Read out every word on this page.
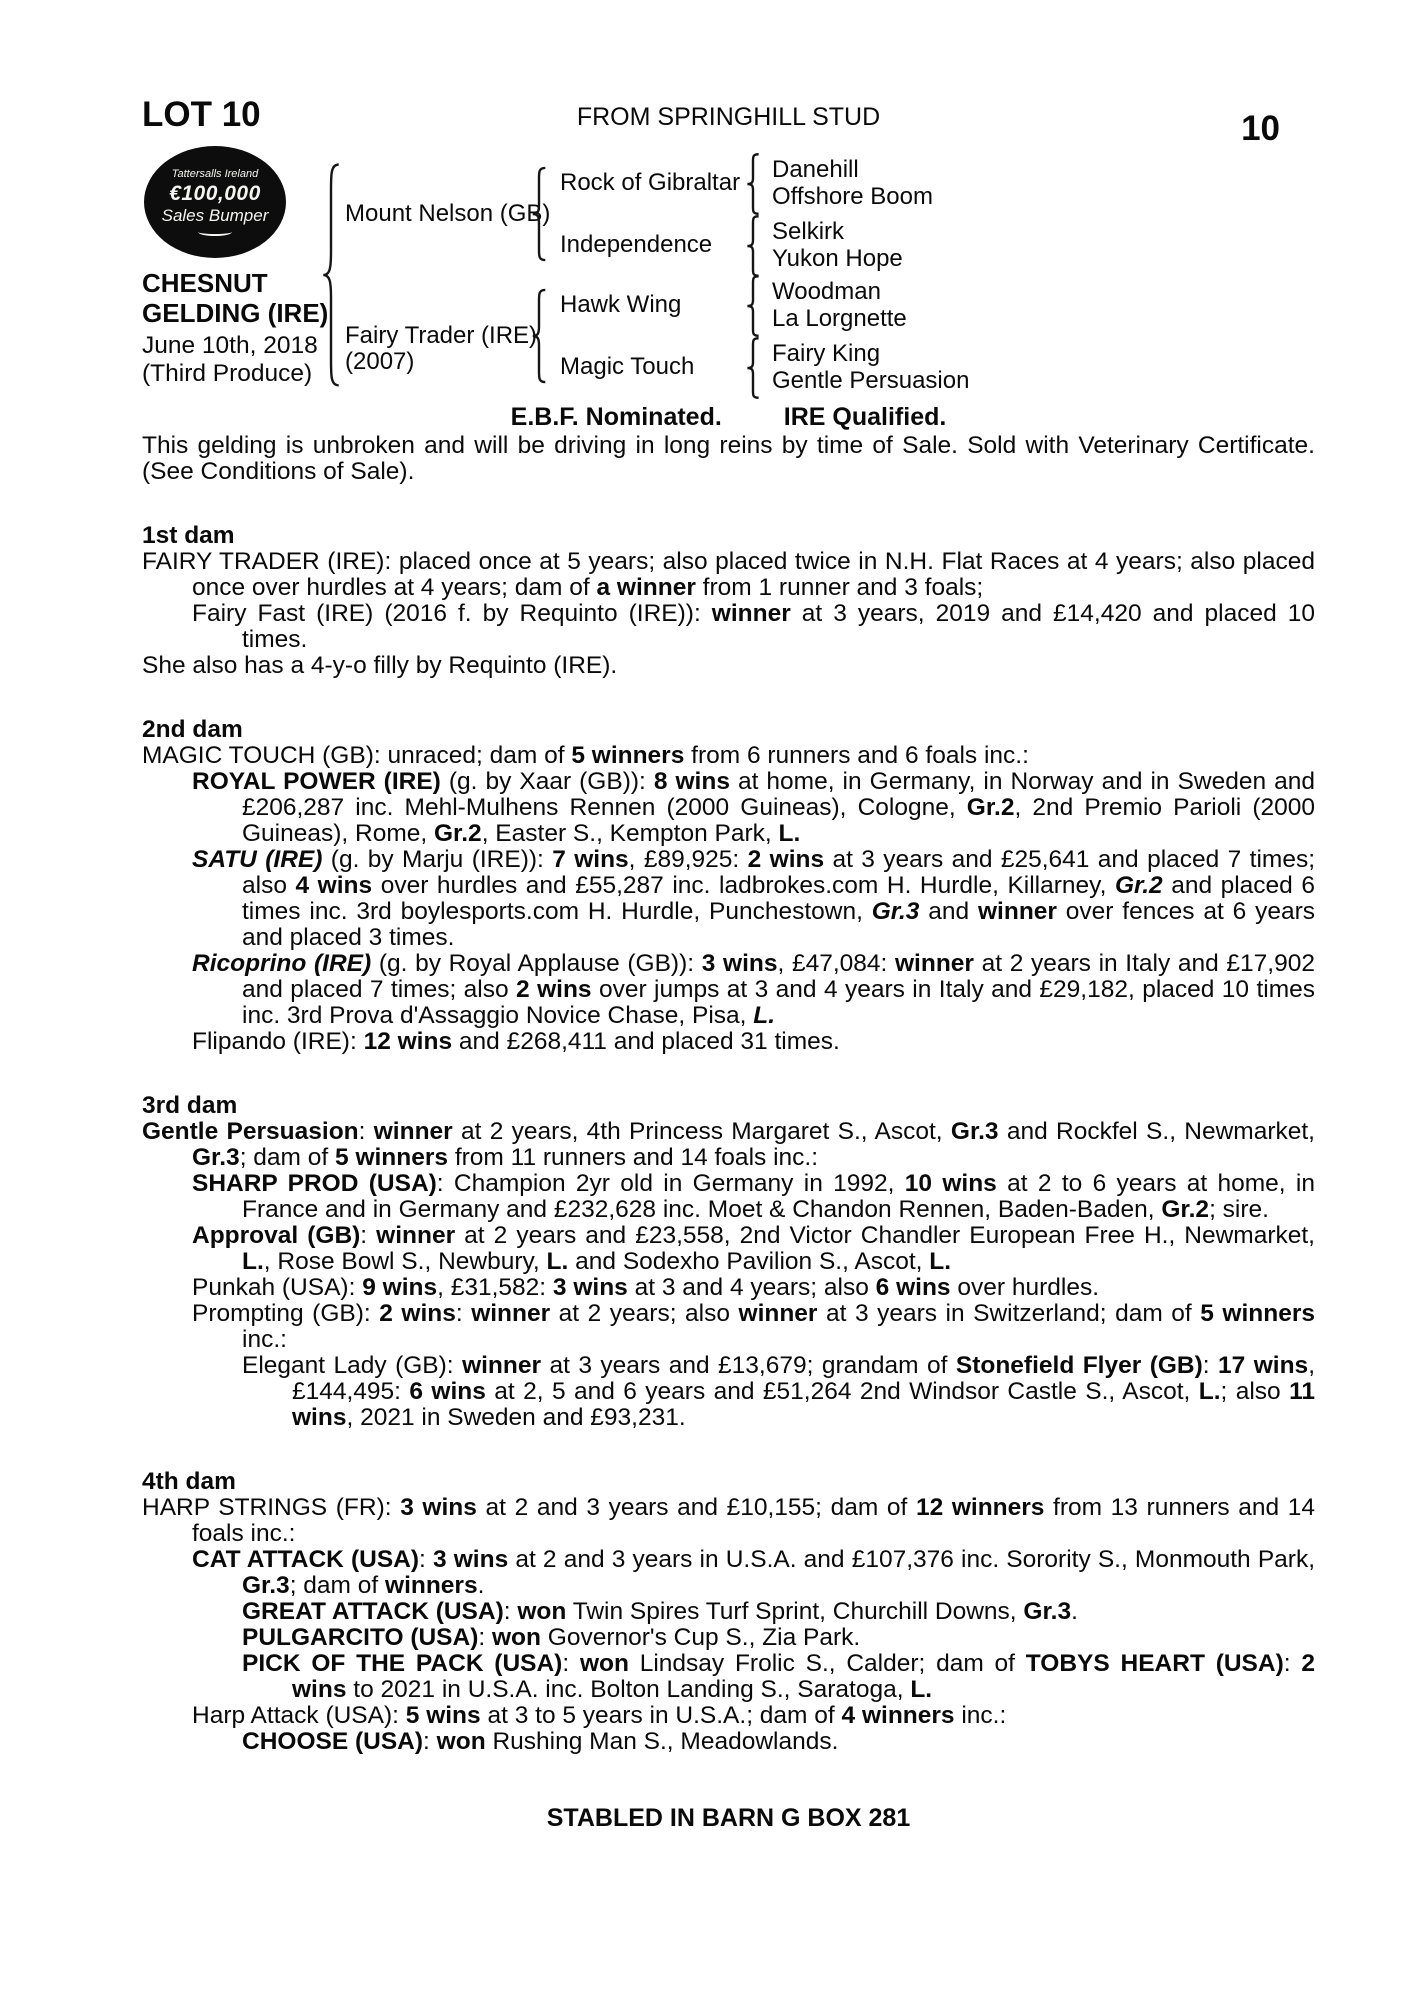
LOT 10	FROM SPRINGHILL STUD	10
Tattersalls Ireland
€100,000
Sales Bumper
CHESNUT
GELDING (IRE)
June 10th, 2018
(Third Produce)
Mount Nelson (GB)
Fairy Trader (IRE)
(2007)
Rock of Gibraltar
Independence
Hawk Wing
Magic Touch
Danehill
Offshore Boom
Selkirk
Yukon Hope
Woodman
La Lorgnette
Fairy King
Gentle Persuasion
E.B.F. Nominated. IRE Qualified.

This gelding is unbroken and will be driving in long reins by time of Sale. Sold with Veterinary Certificate. (See Conditions of Sale).

1st dam

FAIRY TRADER (IRE): placed once at 5 years; also placed twice in N.H. Flat Races at 4 years; also placed once over hurdles at 4 years; dam of a winner from 1 runner and 3 foals;

Fairy Fast (IRE) (2016 f. by Requinto (IRE)): winner at 3 years, 2019 and £14,420 and placed 10 times.

She also has a 4-y-o filly by Requinto (IRE).

2nd dam

MAGIC TOUCH (GB): unraced; dam of 5 winners from 6 runners and 6 foals inc.:

ROYAL POWER (IRE) (g. by Xaar (GB)): 8 wins at home, in Germany, in Norway and in Sweden and £206,287 inc. Mehl-Mulhens Rennen (2000 Guineas), Cologne, Gr.2, 2nd Premio Parioli (2000 Guineas), Rome, Gr.2, Easter S., Kempton Park, L.

SATU (IRE) (g. by Marju (IRE)): 7 wins, £89,925: 2 wins at 3 years and £25,641 and placed 7 times; also 4 wins over hurdles and £55,287 inc. ladbrokes.com H. Hurdle, Killarney, Gr.2 and placed 6 times inc. 3rd boylesports.com H. Hurdle, Punchestown, Gr.3 and winner over fences at 6 years and placed 3 times.

Ricoprino (IRE) (g. by Royal Applause (GB)): 3 wins, £47,084: winner at 2 years in Italy and £17,902 and placed 7 times; also 2 wins over jumps at 3 and 4 years in Italy and £29,182, placed 10 times inc. 3rd Prova d'Assaggio Novice Chase, Pisa, L.

Flipando (IRE): 12 wins and £268,411 and placed 31 times.

3rd dam

Gentle Persuasion: winner at 2 years, 4th Princess Margaret S., Ascot, Gr.3 and Rockfel S., Newmarket, Gr.3; dam of 5 winners from 11 runners and 14 foals inc.:

SHARP PROD (USA): Champion 2yr old in Germany in 1992, 10 wins at 2 to 6 years at home, in France and in Germany and £232,628 inc. Moet & Chandon Rennen, Baden-Baden, Gr.2; sire.

Approval (GB): winner at 2 years and £23,558, 2nd Victor Chandler European Free H., Newmarket, L., Rose Bowl S., Newbury, L. and Sodexho Pavilion S., Ascot, L.

Punkah (USA): 9 wins, £31,582: 3 wins at 3 and 4 years; also 6 wins over hurdles.

Prompting (GB): 2 wins: winner at 2 years; also winner at 3 years in Switzerland; dam of 5 winners inc.:

Elegant Lady (GB): winner at 3 years and £13,679; grandam of Stonefield Flyer (GB): 17 wins, £144,495: 6 wins at 2, 5 and 6 years and £51,264 2nd Windsor Castle S., Ascot, L.; also 11 wins, 2021 in Sweden and £93,231.

4th dam

HARP STRINGS (FR): 3 wins at 2 and 3 years and £10,155; dam of 12 winners from 13 runners and 14 foals inc.:

CAT ATTACK (USA): 3 wins at 2 and 3 years in U.S.A. and £107,376 inc. Sorority S., Monmouth Park, Gr.3; dam of winners.

GREAT ATTACK (USA): won Twin Spires Turf Sprint, Churchill Downs, Gr.3.

PULGARCITO (USA): won Governor's Cup S., Zia Park.

PICK OF THE PACK (USA): won Lindsay Frolic S., Calder; dam of TOBYS HEART (USA): 2 wins to 2021 in U.S.A. inc. Bolton Landing S., Saratoga, L.

Harp Attack (USA): 5 wins at 3 to 5 years in U.S.A.; dam of 4 winners inc.:

CHOOSE (USA): won Rushing Man S., Meadowlands.

STABLED IN BARN G BOX 281
